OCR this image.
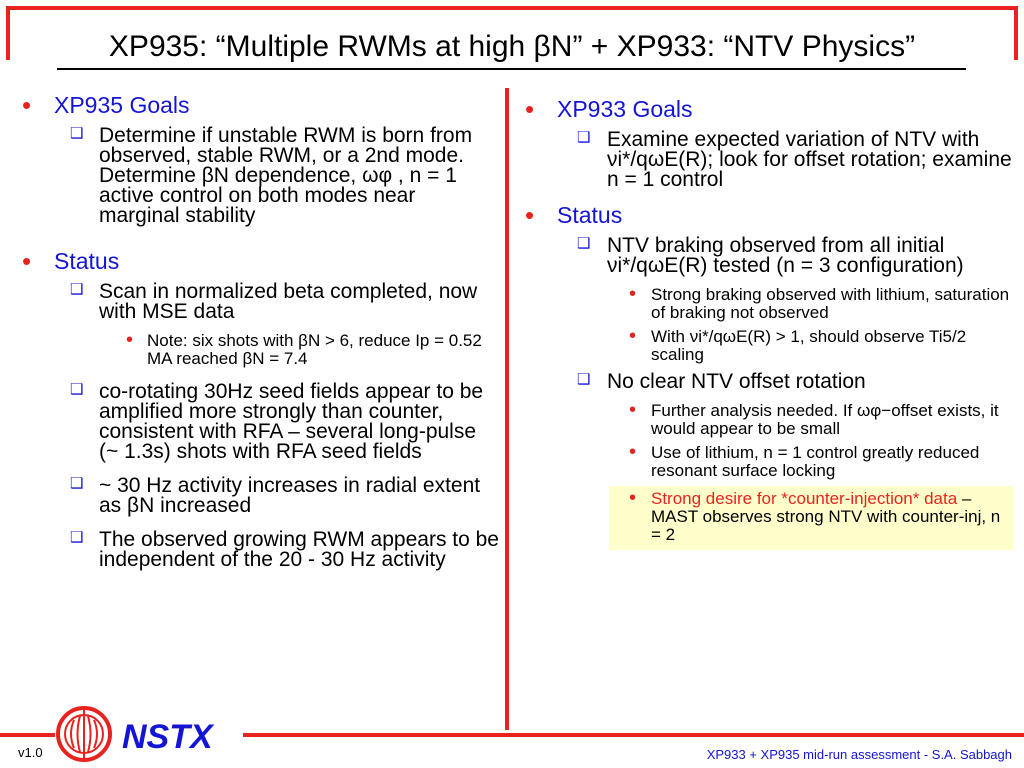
XP935: “Multiple RWMs at high βN” + XP933: “NTV Physics”
• XP935 Goals
❑ Determine if unstable RWM is born from observed, stable RWM, or a 2nd mode. Determine βN dependence, ωφ , n = 1 active control on both modes near marginal stability
• Status
❑ Scan in normalized beta completed, now with MSE data
• Note: six shots with βN > 6, reduce Ip = 0.52 MA reached βN = 7.4
❑ co-rotating 30Hz seed fields appear to be amplified more strongly than counter, consistent with RFA – several long-pulse (~ 1.3s) shots with RFA seed fields
❑ ~ 30 Hz activity increases in radial extent as βN increased
❑ The observed growing RWM appears to be independent of the 20 - 30 Hz activity
• XP933 Goals
❑ Examine expected variation of NTV with νi*/qωE(R); look for offset rotation; examine n = 1 control
• Status
❑ NTV braking observed from all initial νi*/qωE(R) tested (n = 3 configuration)
• Strong braking observed with lithium, saturation of braking not observed
• With νi*/qωE(R) > 1, should observe Ti5/2 scaling
❑ No clear NTV offset rotation
• Further analysis needed. If ωφ−offset exists, it would appear to be small
• Use of lithium, n = 1 control greatly reduced resonant surface locking
• Strong desire for *counter-injection* data – MAST observes strong NTV with counter-inj, n = 2
NSTX
v1.0	XP933 + XP935 mid-run assessment - S.A. Sabbagh
